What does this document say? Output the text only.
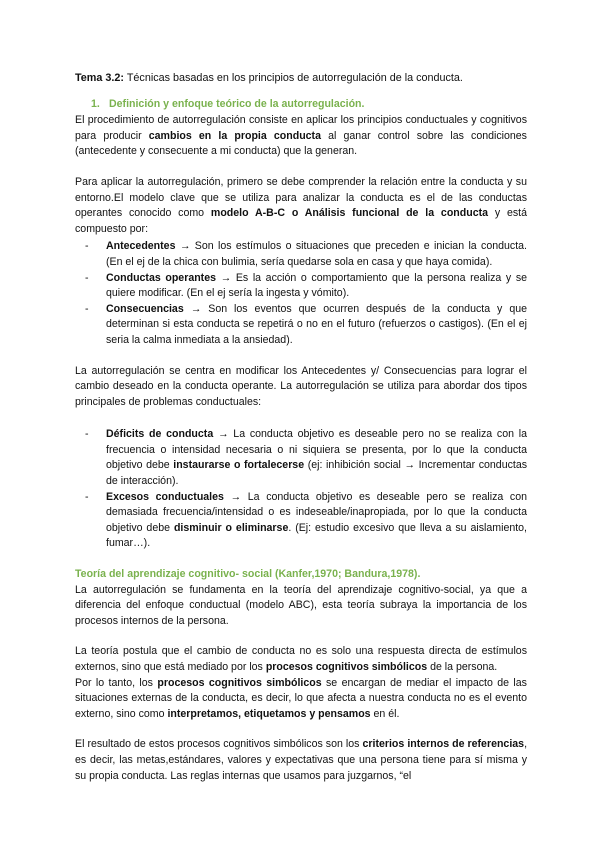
Tema 3.2: Técnicas basadas en los principios de autorregulación de la conducta.

1. Definición y enfoque teórico de la autorregulación.

El procedimiento de autorregulación consiste en aplicar los principios conductuales y cognitivos para producir cambios en la propia conducta al ganar control sobre las condiciones (antecedente y consecuente a mi conducta) que la generan.

Para aplicar la autorregulación, primero se debe comprender la relación entre la conducta y su entorno.El modelo clave que se utiliza para analizar la conducta es el de las conductas operantes conocido como modelo A-B-C o Análisis funcional de la conducta y está compuesto por:

- Antecedentes → Son los estímulos o situaciones que preceden e inician la conducta. (En el ej de la chica con bulimia, sería quedarse sola en casa y que haya comida).
- Conductas operantes → Es la acción o comportamiento que la persona realiza y se quiere modificar. (En el ej sería la ingesta y vómito).
- Consecuencias → Son los eventos que ocurren después de la conducta y que determinan si esta conducta se repetirá o no en el futuro (refuerzos o castigos). (En el ej seria la calma inmediata a la ansiedad).

La autorregulación se centra en modificar los Antecedentes y/ Consecuencias para lograr el cambio deseado en la conducta operante. La autorregulación se utiliza para abordar dos tipos principales de problemas conductuales:

- Déficits de conducta → La conducta objetivo es deseable pero no se realiza con la frecuencia o intensidad necesaria o ni siquiera se presenta, por lo que la conducta objetivo debe instaurarse o fortalecerse (ej: inhibición social → Incrementar conductas de interacción).
- Excesos conductuales → La conducta objetivo es deseable pero se realiza con demasiada frecuencia/intensidad o es indeseable/inapropiada, por lo que la conducta objetivo debe disminuir o eliminarse. (Ej: estudio excesivo que lleva a su aislamiento, fumar…).
Teoría del aprendizaje cognitivo- social (Kanfer,1970; Bandura,1978).

La autorregulación se fundamenta en la teoría del aprendizaje cognitivo-social, ya que a diferencia del enfoque conductual (modelo ABC), esta teoría subraya la importancia de los procesos internos de la persona.

La teoría postula que el cambio de conducta no es solo una respuesta directa de estímulos externos, sino que está mediado por los procesos cognitivos simbólicos de la persona.

Por lo tanto, los procesos cognitivos simbólicos se encargan de mediar el impacto de las situaciones externas de la conducta, es decir, lo que afecta a nuestra conducta no es el evento externo, sino como interpretamos, etiquetamos y pensamos en él.

El resultado de estos procesos cognitivos simbólicos son los criterios internos de referencias, es decir, las metas,estándares, valores y expectativas que una persona tiene para sí misma y su propia conducta. Las reglas internas que usamos para juzgarnos, “el
